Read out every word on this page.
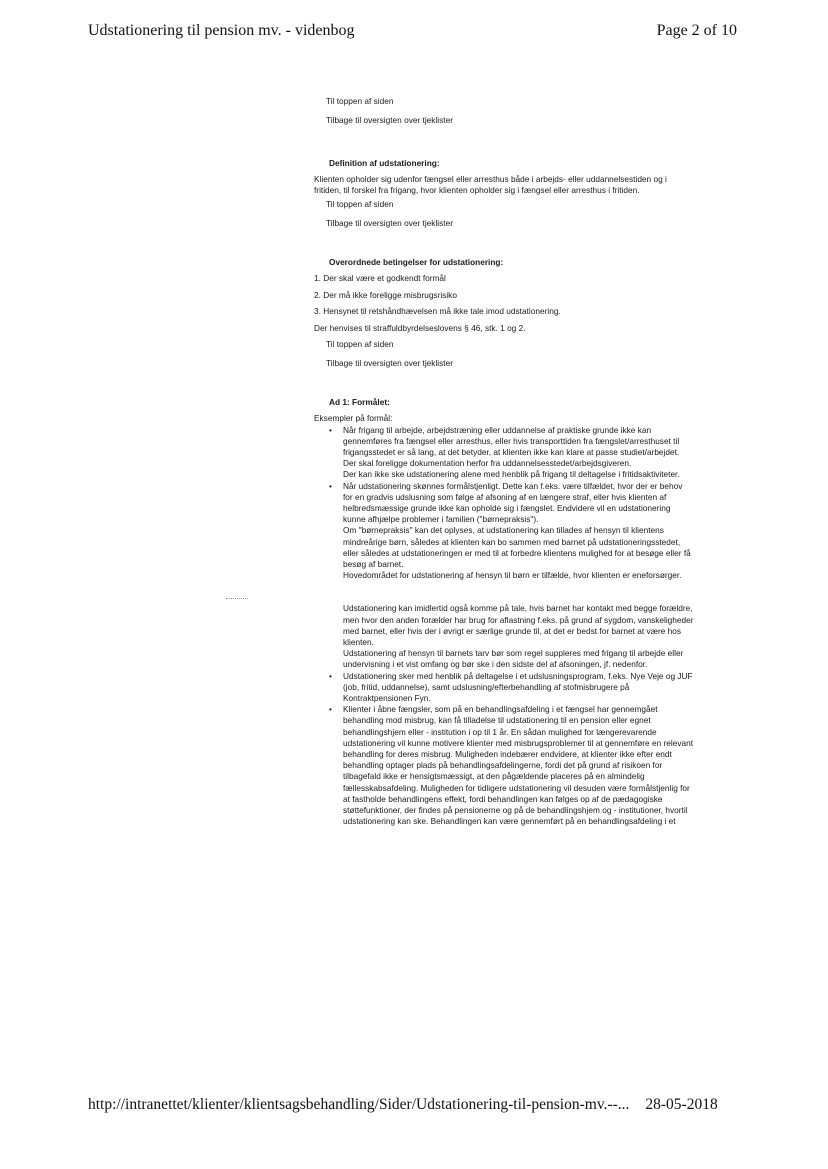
Udstationering til pension mv. - videnbog	Page 2 of 10
Til toppen af siden
Tilbage til oversigten over tjeklister
Definition af udstationering:
Klienten opholder sig udenfor fængsel eller arresthus både i arbejds- eller uddannelsestiden og i fritiden, til forskel fra frigang, hvor klienten opholder sig i fængsel eller arresthus i fritiden.
Til toppen af siden
Tilbage til oversigten over tjeklister
Overordnede betingelser for udstationering:
1. Der skal være et godkendt formål
2. Der må ikke foreligge misbrugsrisiko
3. Hensynet til retshåndhævelsen må ikke tale imod udstationering.
Der henvises til straffuldbyrdelseslovens § 46, stk. 1 og 2.
Til toppen af siden
Tilbage til oversigten over tjeklister
Ad 1: Formålet:
Eksempler på formål:
• Når frigang til arbejde, arbejdstræning eller uddannelse af praktiske grunde ikke kan gennemføres fra fængsel eller arresthus, eller hvis transporttiden fra fængslet/arresthuset til frigangsstedet er så lang, at det betyder, at klienten ikke kan klare at passe studiet/arbejdet. Der skal foreligge dokumentation herfor fra uddannelsesstedet/arbejdsgiveren.
Der kan ikke ske udstationering alene med henblik på frigang til deltagelse i fritidsaktiviteter.
• Når udstationering skønnes formålstjenligt. Dette kan f.eks. være tilfældet, hvor der er behov for en gradvis udslusning som følge af afsoning af en længere straf, eller hvis klienten af helbredsmæssige grunde ikke kan opholde sig i fængslet. Endvidere vil en udstationering kunne afhjælpe problemer i familien ("børnepraksis").
Om "børnepraksis" kan det oplyses, at udstationering kan tillades af hensyn til klientens mindreårige børn, således at klienten kan bo sammen med barnet på udstationeringsstedet, eller således at udstationeringen er med til at forbedre klientens mulighed for at besøge eller få besøg af barnet.
Hovedområdet for udstationering af hensyn til børn er tilfælde, hvor klienten er eneforsørger.
Udstationering kan imidlertid også komme på tale, hvis barnet har kontakt med begge forældre, men hvor den anden forælder har brug for aflastning f.eks. på grund af sygdom, vanskeligheder med barnet, eller hvis der i øvrigt er særlige grunde til, at det er bedst for barnet at være hos klienten.
Udstationering af hensyn til barnets tarv bør som regel suppleres med frigang til arbejde eller undervisning i et vist omfang og bør ske i den sidste del af afsoningen, jf. nedenfor.
• Udstationering sker med henblik på deltagelse i et udslusningsprogram, f.eks. Nye Veje og JUF (job, fritid, uddannelse), samt udslusning/efterbehandling af stofmisbrugere på Kontraktpensionen Fyn.
• Klienter i åbne fængsler, som på en behandlingsafdeling i et fængsel har gennemgået behandling mod misbrug, kan få tilladelse til udstationering til en pension eller egnet behandlingshjem eller - institution i op til 1 år. En sådan mulighed for længerevarende udstationering vil kunne motivere klienter med misbrugsproblemer til at gennemføre en relevant behandling for deres misbrug. Muligheden indebærer endvidere, at klienter ikke efter endt behandling optager plads på behandlingsafdelingerne, fordi det på grund af risikoen for tilbagefald ikke er hensigtsmæssigt, at den pågældende placeres på en almindelig fællesskabsafdeling. Muligheden for tidligere udstationering vil desuden være formålstjenlig for at fastholde behandlingens effekt, fordi behandlingen kan følges op af de pædagogiske støttefunktioner, der findes på pensionerne og på de behandlingshjem og - institutioner, hvortil udstationering kan ske. Behandlingen kan være gennemført på en behandlingsafdeling i et
http://intranettet/klienter/klientsagsbehandling/Sider/Udstationering-til-pension-mv.--... 28-05-2018
